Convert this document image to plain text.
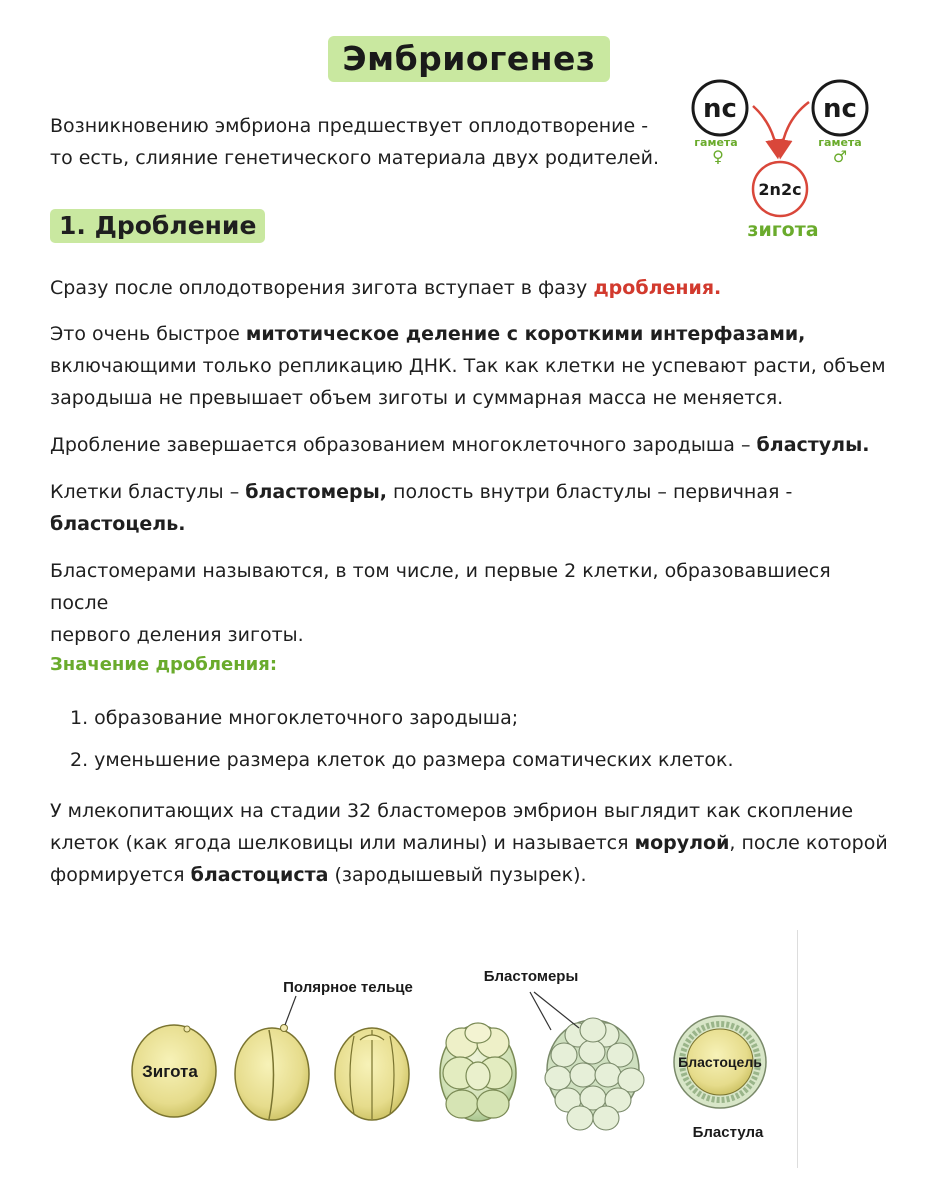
Эмбриогенез
Возникновению эмбриона предшествует оплодотворение -
то есть, слияние генетического материала двух родителей.
nc
гамета
♀
nc
гамета
♂
2n2c
зигота
1. Дробление
Сразу после оплодотворения зигота вступает в фазу дробления.
Это очень быстрое митотическое деление с короткими интерфазами,
включающими только репликацию ДНК. Так как клетки не успевают расти, объем
зародыша не превышает объем зиготы и суммарная масса не меняется.
Дробление завершается образованием многоклеточного зародыша – бластулы.
Клетки бластулы – бластомеры, полость внутри бластулы – первичная -
бластоцель.
Бластомерами называются, в том числе, и первые 2 клетки, образовавшиеся после
первого деления зиготы.
Значение дробления:
1. образование многоклеточного зародыша;
2. уменьшение размера клеток до размера соматических клеток.
У млекопитающих на стадии 32 бластомеров эмбрион выглядит как скопление
клеток (как ягода шелковицы или малины) и называется морулой, после которой
формируется бластоциста (зародышевый пузырек).
Зигота
Полярное тельце
Бластомеры
Бластоцель
Бластула
